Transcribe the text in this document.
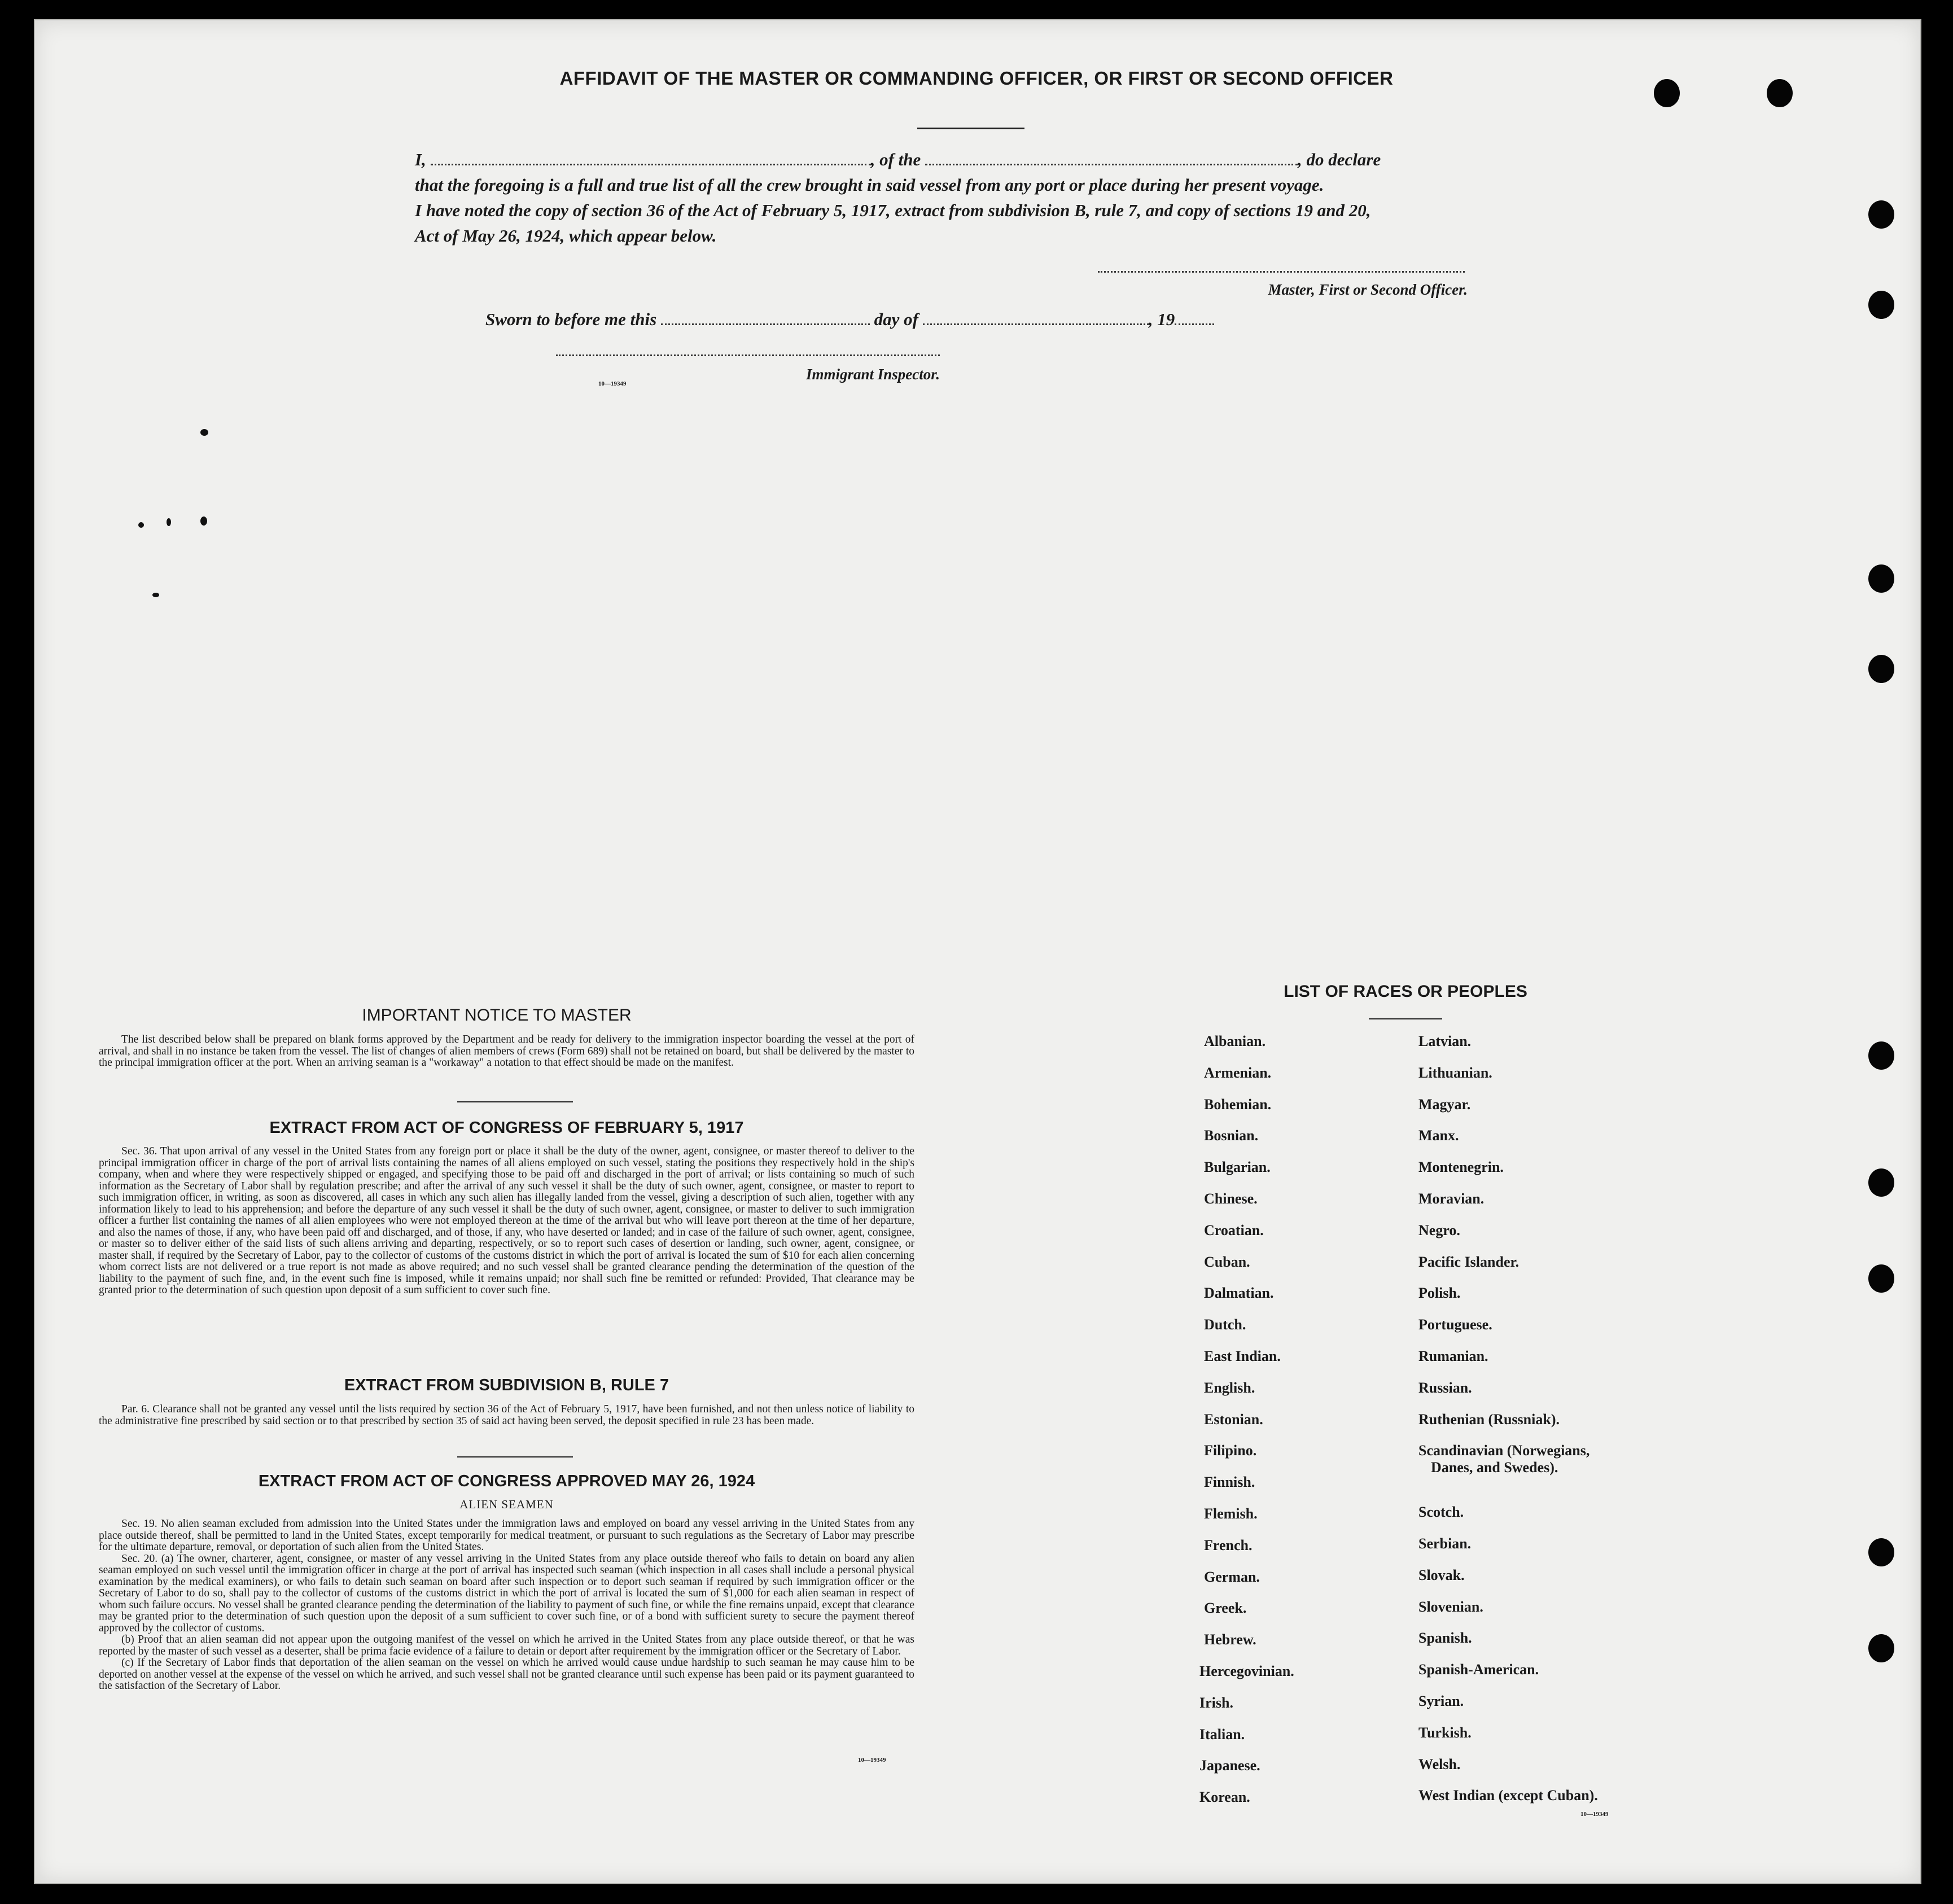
AFFIDAVIT OF THE MASTER OR COMMANDING OFFICER, OR FIRST OR SECOND OFFICER
I,	, of the	, do declare
that the foregoing is a full and true list of all the crew brought in said vessel from any port or place during her present voyage.
I have noted the copy of section 36 of the Act of February 5, 1917, extract from subdivision B, rule 7, and copy of sections 19 and 20,
Act of May 26, 1924, which appear below.
Master, First or Second Officer.
Sworn to before me this	day of	, 19
10—19349
Immigrant Inspector.
IMPORTANT NOTICE TO MASTER
The list described below shall be prepared on blank forms approved by the Department and be ready for delivery to the immigration inspector boarding the vessel at the port of arrival, and shall in no instance be taken from the vessel. The list of changes of alien members of crews (Form 689) shall not be retained on board, but shall be delivered by the master to the principal immigration officer at the port. When an arriving seaman is a "workaway" a notation to that effect should be made on the manifest.
EXTRACT FROM ACT OF CONGRESS OF FEBRUARY 5, 1917
Sec. 36. That upon arrival of any vessel in the United States from any foreign port or place it shall be the duty of the owner, agent, consignee, or master thereof to deliver to the principal immigration officer in charge of the port of arrival lists containing the names of all aliens employed on such vessel, stating the positions they respectively hold in the ship's company, when and where they were respectively shipped or engaged, and specifying those to be paid off and discharged in the port of arrival; or lists containing so much of such information as the Secretary of Labor shall by regulation prescribe; and after the arrival of any such vessel it shall be the duty of such owner, agent, consignee, or master to report to such immigration officer, in writing, as soon as discovered, all cases in which any such alien has illegally landed from the vessel, giving a description of such alien, together with any information likely to lead to his apprehension; and before the departure of any such vessel it shall be the duty of such owner, agent, consignee, or master to deliver to such immigration officer a further list containing the names of all alien employees who were not employed thereon at the time of the arrival but who will leave port thereon at the time of her departure, and also the names of those, if any, who have been paid off and discharged, and of those, if any, who have deserted or landed; and in case of the failure of such owner, agent, consignee, or master so to deliver either of the said lists of such aliens arriving and departing, respectively, or so to report such cases of desertion or landing, such owner, agent, consignee, or master shall, if required by the Secretary of Labor, pay to the collector of customs of the customs district in which the port of arrival is located the sum of $10 for each alien concerning whom correct lists are not delivered or a true report is not made as above required; and no such vessel shall be granted clearance pending the determination of the question of the liability to the payment of such fine, and, in the event such fine is imposed, while it remains unpaid; nor shall such fine be remitted or refunded: Provided, That clearance may be granted prior to the determination of such question upon deposit of a sum sufficient to cover such fine.
EXTRACT FROM SUBDIVISION B, RULE 7
Par. 6. Clearance shall not be granted any vessel until the lists required by section 36 of the Act of February 5, 1917, have been furnished, and not then unless notice of liability to the administrative fine prescribed by said section or to that prescribed by section 35 of said act having been served, the deposit specified in rule 23 has been made.
EXTRACT FROM ACT OF CONGRESS APPROVED MAY 26, 1924
ALIEN SEAMEN
Sec. 19. No alien seaman excluded from admission into the United States under the immigration laws and employed on board any vessel arriving in the United States from any place outside thereof, shall be permitted to land in the United States, except temporarily for medical treatment, or pursuant to such regulations as the Secretary of Labor may prescribe for the ultimate departure, removal, or deportation of such alien from the United States.
Sec. 20. (a) The owner, charterer, agent, consignee, or master of any vessel arriving in the United States from any place outside thereof who fails to detain on board any alien seaman employed on such vessel until the immigration officer in charge at the port of arrival has inspected such seaman (which inspection in all cases shall include a personal physical examination by the medical examiners), or who fails to detain such seaman on board after such inspection or to deport such seaman if required by such immigration officer or the Secretary of Labor to do so, shall pay to the collector of customs of the customs district in which the port of arrival is located the sum of $1,000 for each alien seaman in respect of whom such failure occurs. No vessel shall be granted clearance pending the determination of the liability to payment of such fine, or while the fine remains unpaid, except that clearance may be granted prior to the determination of such question upon the deposit of a sum sufficient to cover such fine, or of a bond with sufficient surety to secure the payment thereof approved by the collector of customs.
(b) Proof that an alien seaman did not appear upon the outgoing manifest of the vessel on which he arrived in the United States from any place outside thereof, or that he was reported by the master of such vessel as a deserter, shall be prima facie evidence of a failure to detain or deport after requirement by the immigration officer or the Secretary of Labor.
(c) If the Secretary of Labor finds that deportation of the alien seaman on the vessel on which he arrived would cause undue hardship to such seaman he may cause him to be deported on another vessel at the expense of the vessel on which he arrived, and such vessel shall not be granted clearance until such expense has been paid or its payment guaranteed to the satisfaction of the Secretary of Labor.
10—19349
LIST OF RACES OR PEOPLES
Albanian.
Armenian.
Bohemian.
Bosnian.
Bulgarian.
Chinese.
Croatian.
Cuban.
Dalmatian.
Dutch.
East Indian.
English.
Estonian.
Filipino.
Finnish.
Flemish.
French.
German.
Greek.
Hebrew.
Hercegovinian.
Irish.
Italian.
Japanese.
Korean.
Latvian.
Lithuanian.
Magyar.
Manx.
Montenegrin.
Moravian.
Negro.
Pacific Islander.
Polish.
Portuguese.
Rumanian.
Russian.
Ruthenian (Russniak).
Scandinavian (Norwegians,
Danes, and Swedes).
Scotch.
Serbian.
Slovak.
Slovenian.
Spanish.
Spanish-American.
Syrian.
Turkish.
Welsh.
West Indian (except Cuban).
10—19349
